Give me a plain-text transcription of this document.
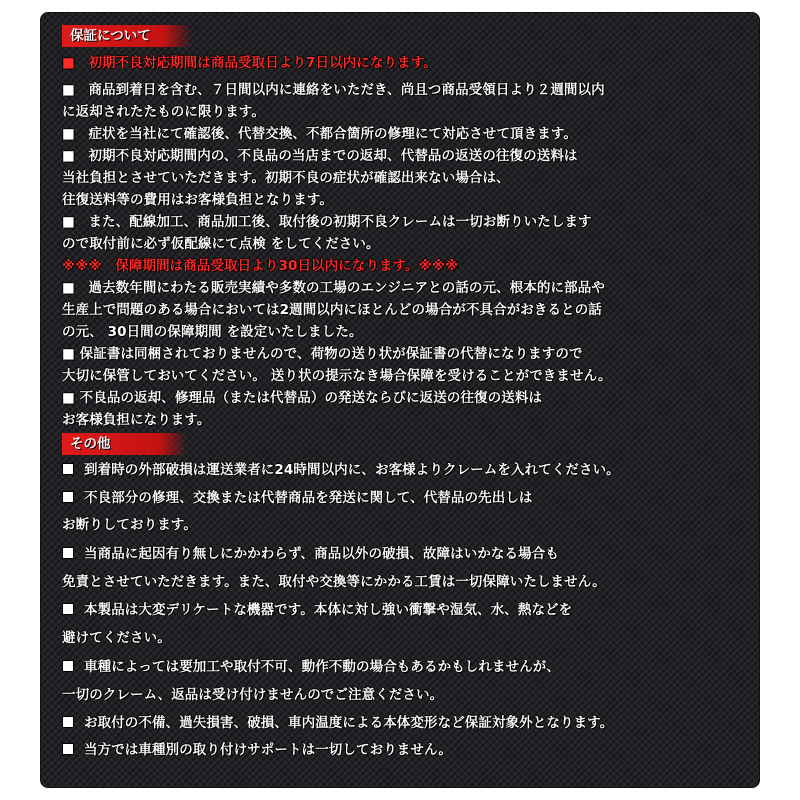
保証について
■　初期不良対応期間は商品受取日より7日以内になります。
■　商品到着日を含む、７日間以内に連絡をいただき、尚且つ商品受領日より２週間以内
に返却されたたものに限ります。
■　症状を当社にて確認後、代替交換、不都合箇所の修理にて対応させて頂きます。
■　初期不良対応期間内の、不良品の当店までの返却、代替品の返送の往復の送料は
当社負担とさせていただきます。初期不良の症状が確認出来ない場合は、
往復送料等の費用はお客様負担となります。
■　また、配線加工、商品加工後、取付後の初期不良クレームは一切お断りいたします
ので取付前に必ず仮配線にて点検 をしてください。
※※※　保障期間は商品受取日より30日以内になります。※※※
■　過去数年間にわたる販売実績や多数の工場のエンジニアとの話の元、根本的に部品や
生産上で問題のある場合においては2週間以内にほとんどの場合が不具合がおきるとの話
の元、 30日間の保障期間 を設定いたしました。
■ 保証書は同梱されておりませんので、荷物の送り状が保証書の代替になりますので
大切に保管しておいてください。 送り状の提示なき場合保障を受けることができません。
■ 不良品の返却、修理品（または代替品）の発送ならびに返送の往復の送料は
お客様負担になります。
その他
到着時の外部破損は運送業者に24時間以内に、お客様よりクレームを入れてください。
不良部分の修理、交換または代替商品を発送に関して、代替品の先出しは
お断りしております。
当商品に起因有り無しにかかわらず、商品以外の破損、故障はいかなる場合も
免責とさせていただきます。また、取付や交換等にかかる工賃は一切保障いたしません。
本製品は大変デリケートな機器です。本体に対し強い衝撃や湿気、水、熱などを
避けてください。
車種によっては要加工や取付不可、動作不動の場合もあるかもしれませんが、
一切のクレーム、返品は受け付けませんのでご注意ください。
お取付の不備、過失損害、破損、車内温度による本体変形など保証対象外となります。
当方では車種別の取り付けサポートは一切しておりません。
